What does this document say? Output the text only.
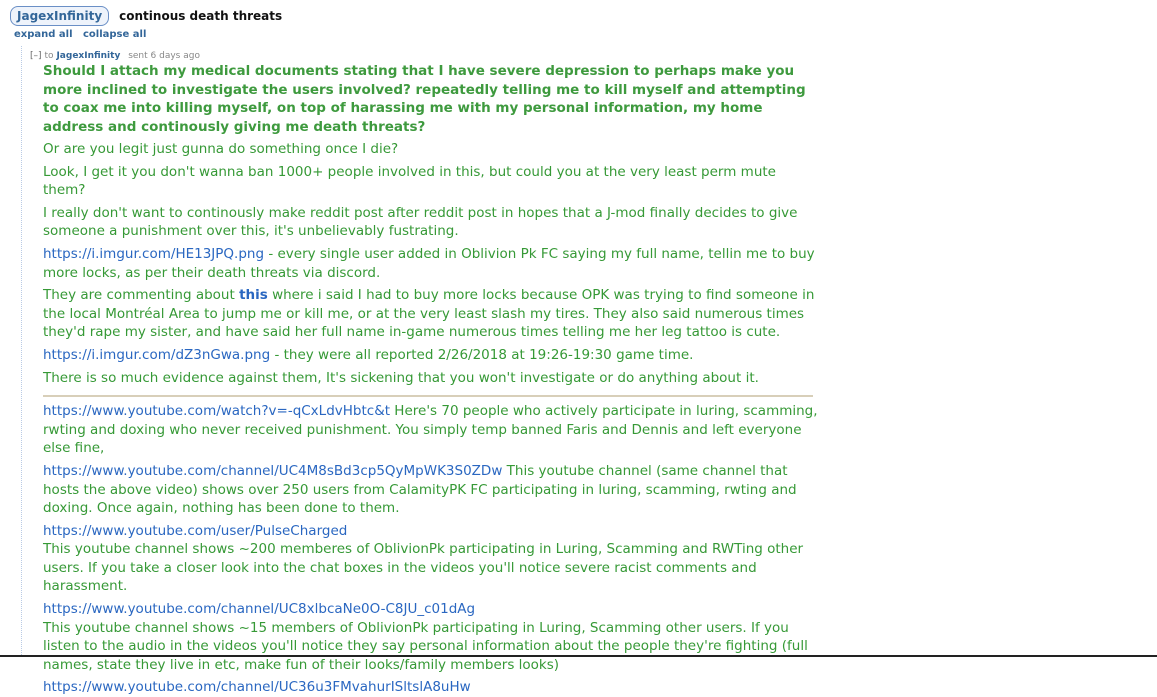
JagexInfinity	continous death threats
expand all collapse all
[–] to JagexInfinity sent 6 days ago

Should I attach my medical documents stating that I have severe depression to perhaps make you more inclined to investigate the users involved? repeatedly telling me to kill myself and attempting to coax me into killing myself, on top of harassing me with my personal information, my home address and continously giving me death threats?

Or are you legit just gunna do something once I die?

Look, I get it you don't wanna ban 1000+ people involved in this, but could you at the very least perm mute them?

I really don't want to continously make reddit post after reddit post in hopes that a J-mod finally decides to give someone a punishment over this, it's unbelievably fustrating.

https://i.imgur.com/HE13JPQ.png - every single user added in Oblivion Pk FC saying my full name, tellin me to buy more locks, as per their death threats via discord.

They are commenting about this where i said I had to buy more locks because OPK was trying to find someone in the local Montréal Area to jump me or kill me, or at the very least slash my tires. They also said numerous times they'd rape my sister, and have said her full name in-game numerous times telling me her leg tattoo is cute.

https://i.imgur.com/dZ3nGwa.png - they were all reported 2/26/2018 at 19:26-19:30 game time.

There is so much evidence against them, It's sickening that you won't investigate or do anything about it.

https://www.youtube.com/watch?v=-qCxLdvHbtc&t Here's 70 people who actively participate in luring, scamming, rwting and doxing who never received punishment. You simply temp banned Faris and Dennis and left everyone else fine,

https://www.youtube.com/channel/UC4M8sBd3cp5QyMpWK3S0ZDw This youtube channel (same channel that hosts the above video) shows over 250 users from CalamityPK FC participating in luring, scamming, rwting and doxing. Once again, nothing has been done to them.

https://www.youtube.com/user/PulseCharged
This youtube channel shows ~200 memberes of OblivionPk participating in Luring, Scamming and RWTing other users. If you take a closer look into the chat boxes in the videos you'll notice severe racist comments and harassment.

https://www.youtube.com/channel/UC8xlbcaNe0O-C8JU_c01dAg
This youtube channel shows ~15 members of OblivionPk participating in Luring, Scamming other users. If you listen to the audio in the videos you'll notice they say personal information about the people they're fighting (full names, state they live in etc, make fun of their looks/family members looks)

https://www.youtube.com/channel/UC36u3FMvahurISltslA8uHw
